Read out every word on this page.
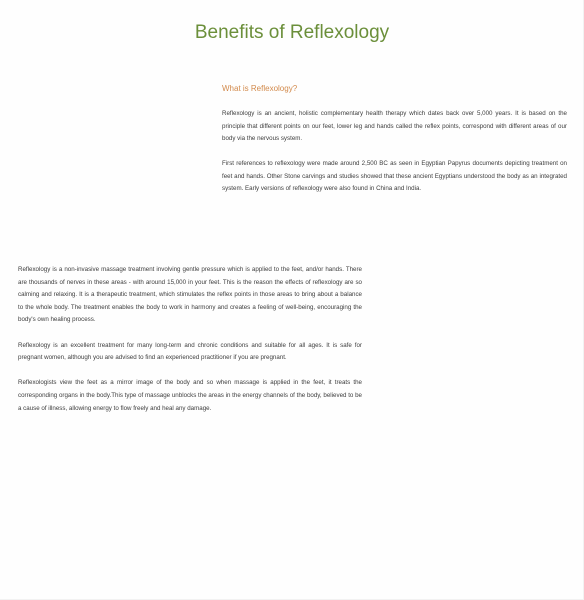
Benefits of Reflexology
What is Reflexology?

Reflexology is an ancient, holistic complementary health therapy which dates back over 5,000 years. It is based on the principle that different points on our feet, lower leg and hands called the reflex points, correspond with different areas of our body via the nervous system.

First references to reflexology were made around 2,500 BC as seen in Egyptian Papyrus documents depicting treatment on feet and hands. Other Stone carvings and studies showed that these ancient Egyptians understood the body as an integrated system. Early versions of reflexology were also found in China and India.

Reflexology is a non-invasive massage treatment involving gentle pressure which is applied to the feet, and/or hands. There are thousands of nerves in these areas - with around 15,000 in your feet. This is the reason the effects of reflexology are so calming and relaxing. It is a therapeutic treatment, which stimulates the reflex points in those areas to bring about a balance to the whole body. The treatment enables the body to work in harmony and creates a feeling of well-being, encouraging the body's own healing process.

Reflexology is an excellent treatment for many long-term and chronic conditions and suitable for all ages. It is safe for pregnant women, although you are advised to find an experienced practitioner if you are pregnant.

Reflexologists view the feet as a mirror image of the body and so when massage is applied in the feet, it treats the corresponding organs in the body.This type of massage unblocks the areas in the energy channels of the body, believed to be a cause of illness, allowing energy to flow freely and heal any damage.
